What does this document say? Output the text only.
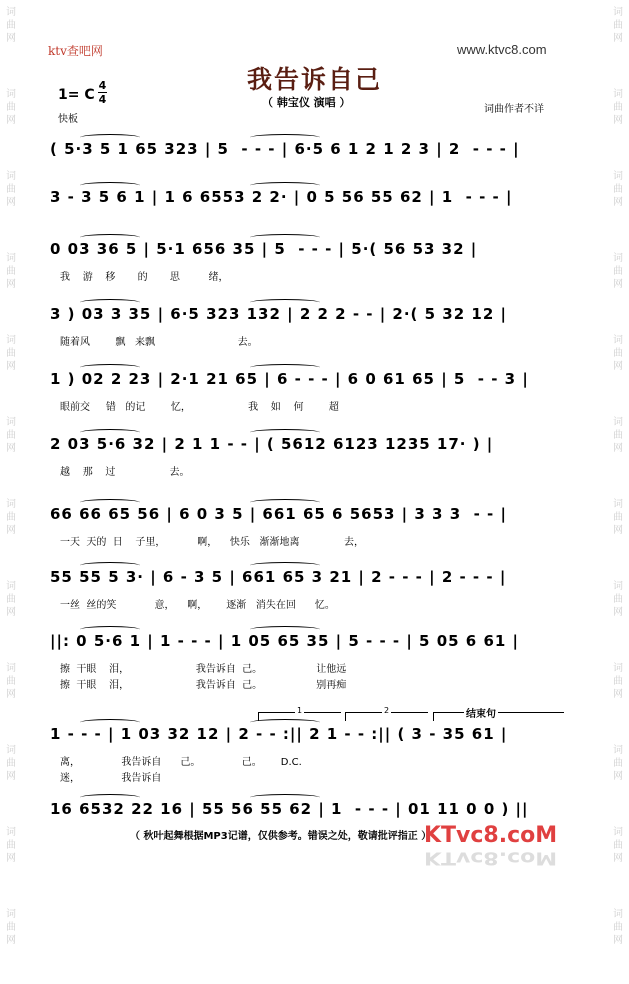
词
曲
网
词
曲
网
词
曲
网
词
曲
网
词
曲
网
词
曲
网
词
曲
网
词
曲
网
词
曲
网
词
曲
网
词
曲
网
词
曲
网
词
曲
网
词
曲
网
词
曲
网
词
曲
网
词
曲
网
词
曲
网
词
曲
网
词
曲
网
词
曲
网
词
曲
网
词
曲
网
词
曲
网
ktv查吧网	www.ktvc8.com
我告诉自己
（ 韩宝仪 演唱 ）
1= C
4
4
快板
词曲作者不详
( 5·3 5 1 65 323 | 5  - - - | 6·5 6 1 2 1 2 3 | 2  - - - |
3 - 3 5 6 1 | 1 6 6553 2 2· | 0 5 56 55 62 | 1  - - - |
0 03 36 5 | 5·1 656 35 | 5  - - - | 5·( 56 53 32 |
我    游    移       的       思         绪，
3 ) 03 3 35 | 6·5 323 132 | 2 2 2 - - | 2·( 5 32 12 |
随着风        飘   来飘                          去。
1 ) 02 2 23 | 2·1 21 65 | 6 - - - | 6 0 61 65 | 5  - - 3 |
眼前交     错   的记        忆，                  我    如    何        超
2 03 5·6 32 | 2 1 1 - - | ( 5612 6123 1235 17· ) |
越    那    过                 去。
66 66 65 56 | 6 0 3 5 | 661 65 6 5653 | 3 3 3  - - |
一天  天的  日    子里，          啊，    快乐   渐渐地离              去，
55 55 5 3· | 6 - 3 5 | 661 65 3 21 | 2 - - - | 2 - - - |
一丝  丝的笑            意，    啊，      逐渐   消失在回      忆。
||: 0 5·6 1 | 1 - - - | 1 05 65 35 | 5 - - - | 5 05 6 61 |
擦  干眼    泪，                     我告诉自  己。                 让他远
擦  干眼    泪，                     我告诉自  己。                 别再痴
1 - - - | 1 03 32 12 | 2 - - :|| 2 1 - - :|| ( 3 - 35 61 |
离，             我告诉自      己。             己。      D.C.
迷，             我告诉自
16 6532 22 16 | 55 56 55 62 | 1  - - - | 01 11 0 0 ) ||
1	2	结束句
（ 秋叶起舞根据MP3记谱，仅供参考。错误之处，敬请批评指正 ）
KTvc8.coM
KTvc8.coM
